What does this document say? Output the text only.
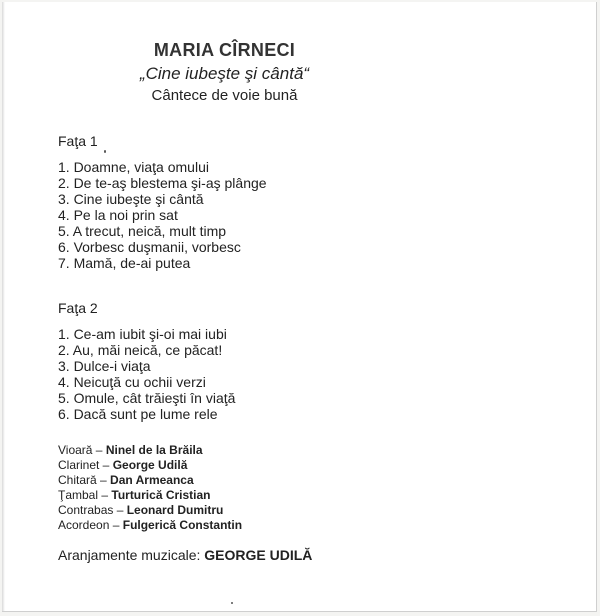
MARIA CÎRNECI
„Cine iubeşte şi cântă“
Cântece de voie bună
Faţa 1
1. Doamne, viaţa omului
2. De te-aş blestema şi-aş plânge
3. Cine iubeşte şi cântă
4. Pe la noi prin sat
5. A trecut, neică, mult timp
6. Vorbesc duşmanii, vorbesc
7. Mamă, de-ai putea
Faţa 2
1. Ce-am iubit şi-oi mai iubi
2. Au, măi neică, ce păcat!
3. Dulce-i viaţa
4. Neicuţă cu ochii verzi
5. Omule, cât trăieşti în viaţă
6. Dacă sunt pe lume rele
Vioară – Ninel de la Brăila
Clarinet – George Udilă
Chitară – Dan Armeanca
Ţambal – Turturică Cristian
Contrabas – Leonard Dumitru
Acordeon – Fulgerică Constantin
Aranjamente muzicale: GEORGE UDILĂ
